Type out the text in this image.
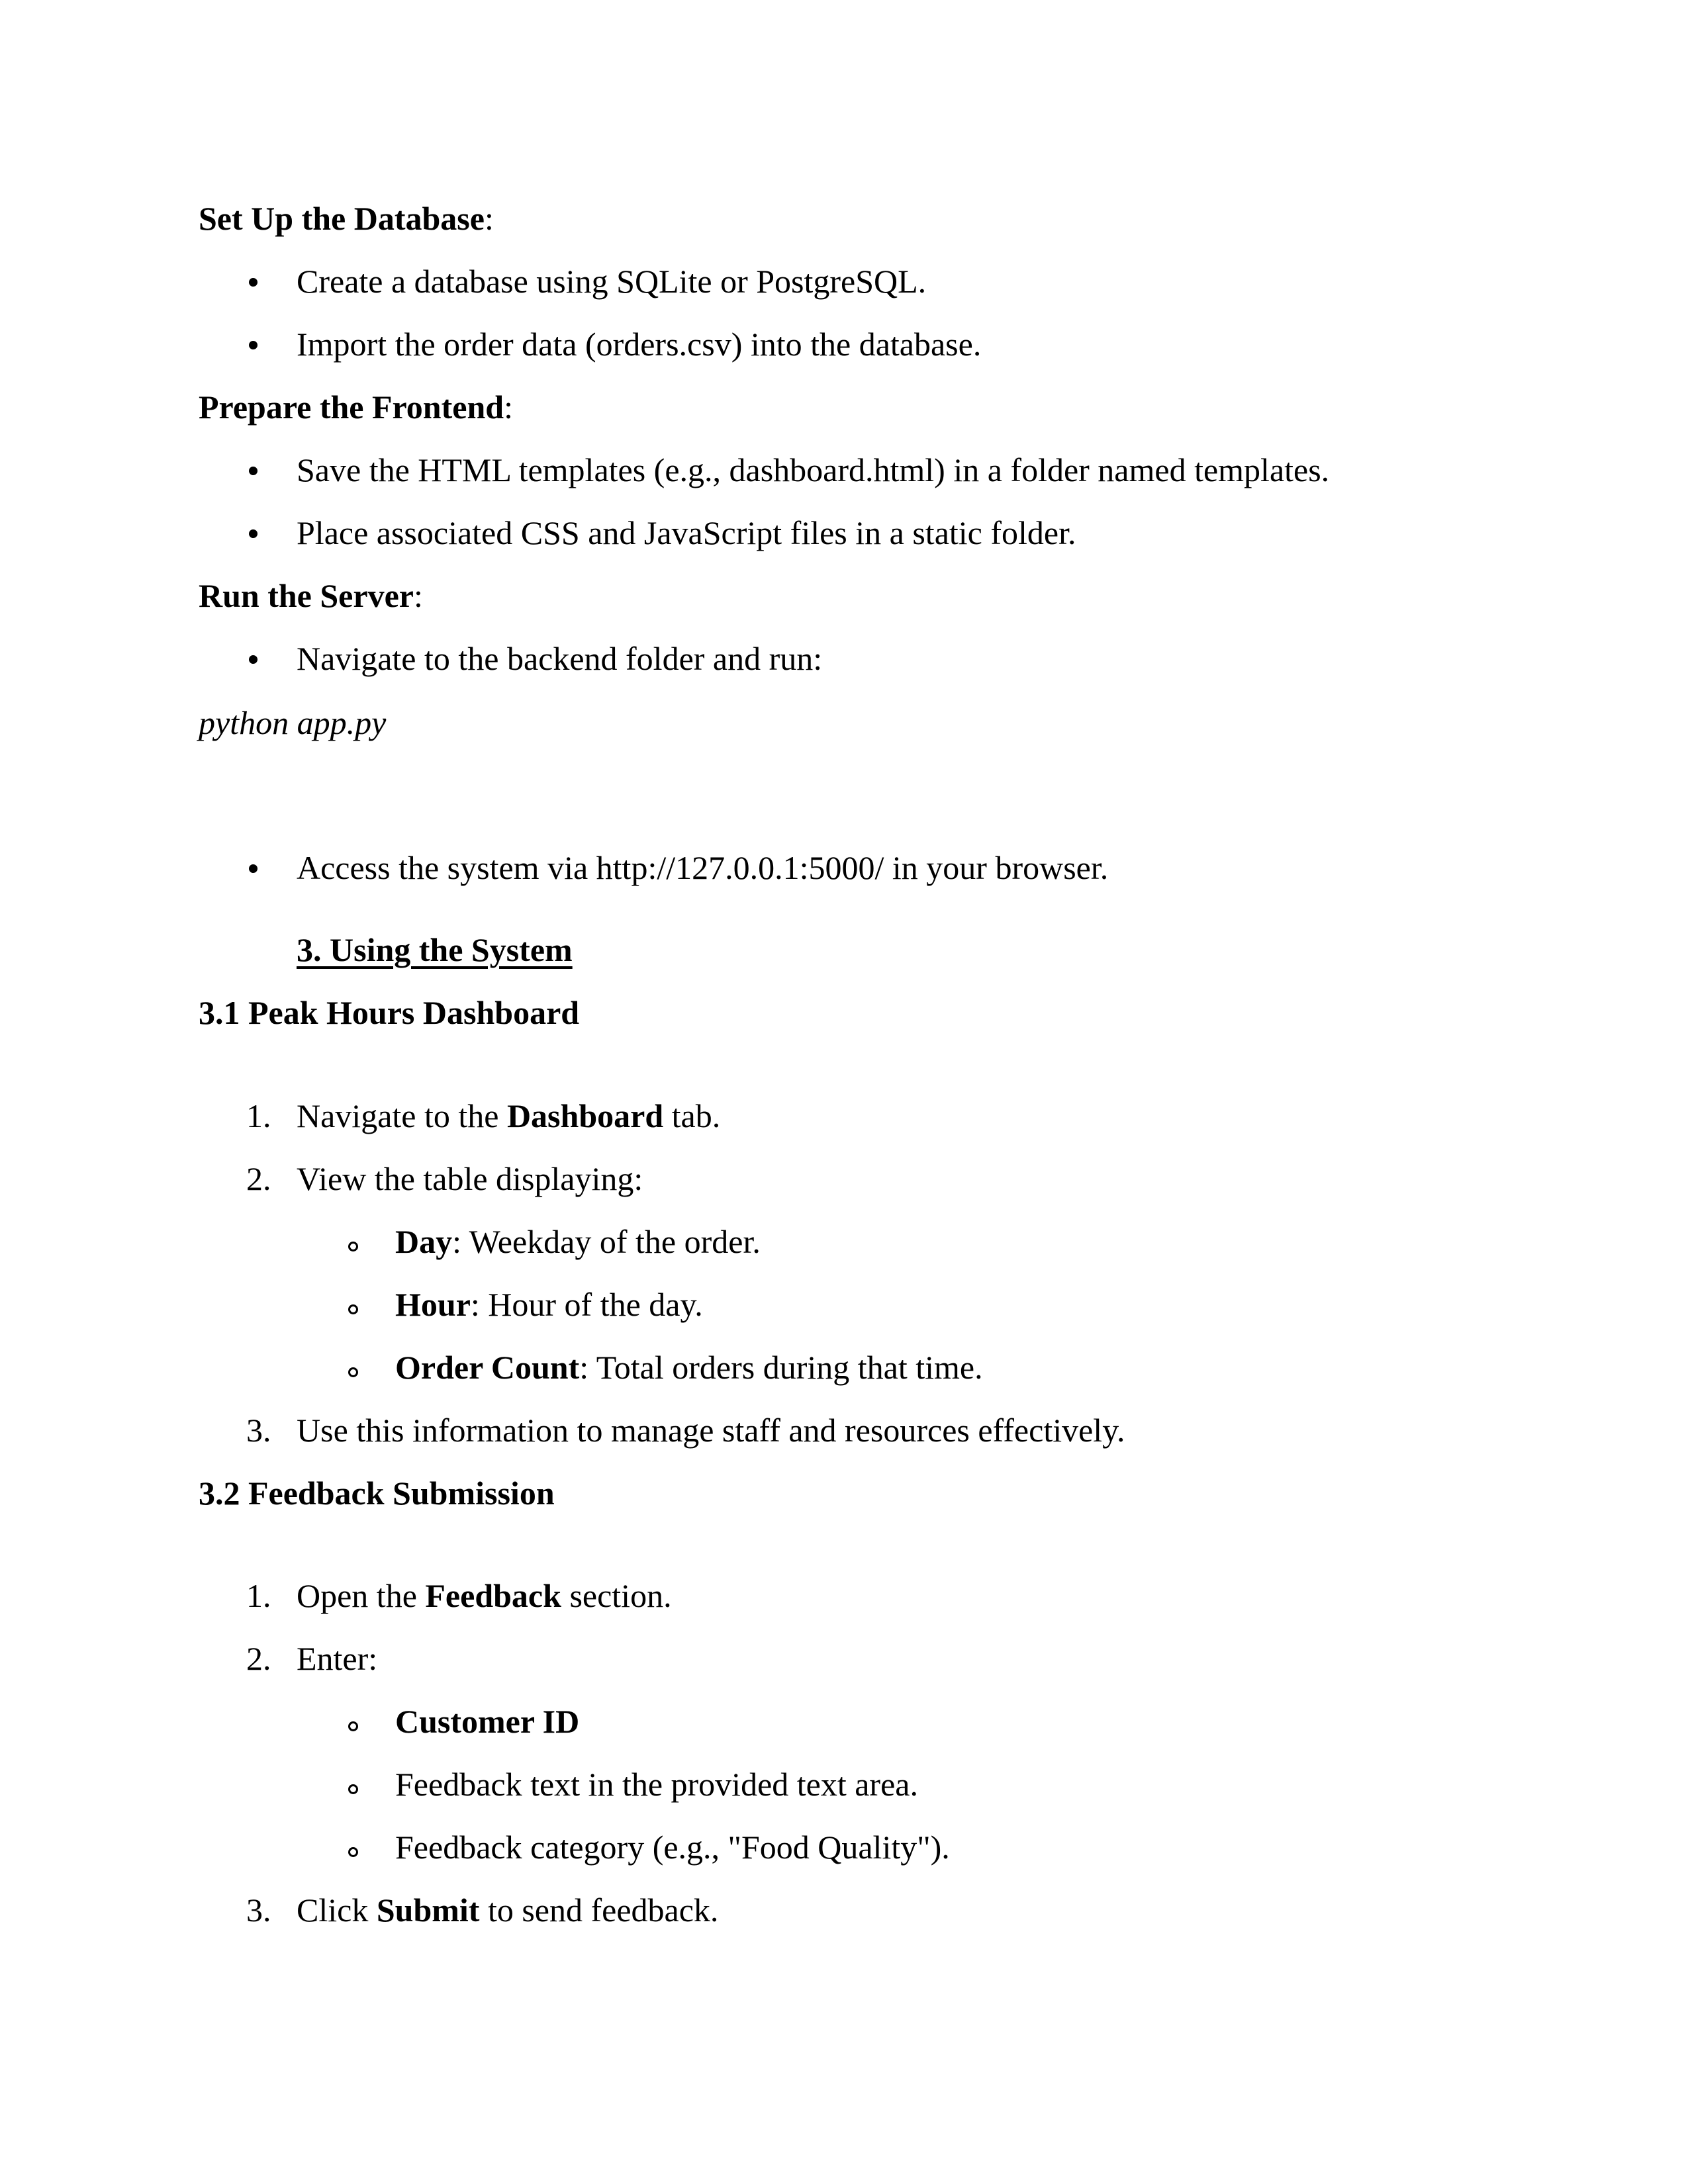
Set Up the Database:
Create a database using SQLite or PostgreSQL.
Import the order data (orders.csv) into the database.
Prepare the Frontend:
Save the HTML templates (e.g., dashboard.html) in a folder named templates.
Place associated CSS and JavaScript files in a static folder.
Run the Server:
Navigate to the backend folder and run:
python app.py
Access the system via http://127.0.0.1:5000/ in your browser.
3. Using the System
3.1 Peak Hours Dashboard
1. Navigate to the Dashboard tab.
2. View the table displaying:
Day: Weekday of the order.
Hour: Hour of the day.
Order Count: Total orders during that time.
3. Use this information to manage staff and resources effectively.
3.2 Feedback Submission
1. Open the Feedback section.
2. Enter:
Customer ID
Feedback text in the provided text area.
Feedback category (e.g., "Food Quality").
3. Click Submit to send feedback.
